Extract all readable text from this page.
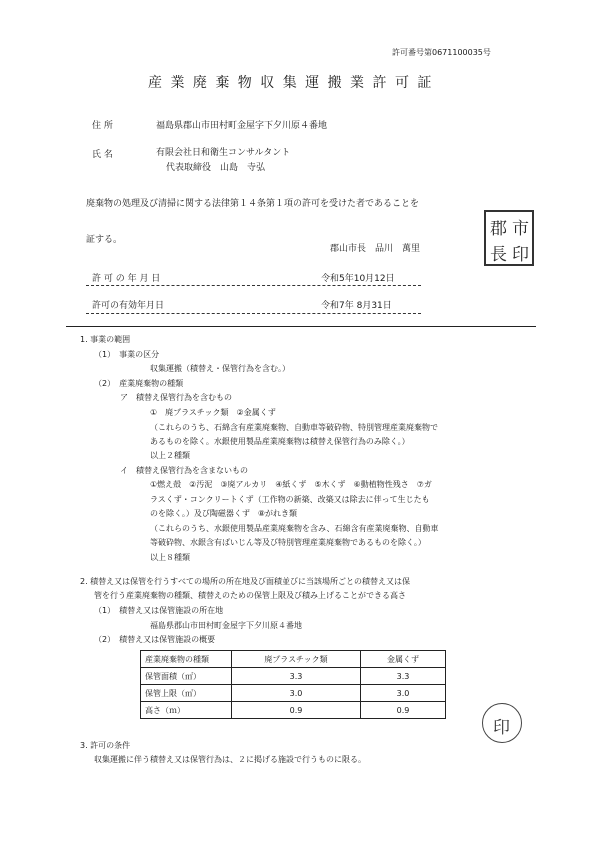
許可番号第0671100035号
産 業 廃 棄 物 収 集 運 搬 業 許 可 証
住 所	福島県郡山市田村町金屋字下夕川原４番地
氏 名	有限会社日和衛生コンサルタント
代表取締役　山島　寺弘
廃棄物の処理及び清掃に関する法律第１４条第１項の許可を受けた者であることを
証する。
郡山市長　品川　萬里
郡 市
長 印
許 可 の 年 月 日	令和5年10月12日
許可の有効年月日	令和7年 8月31日
1. 事業の範囲
（1）　事業の区分
収集運搬（積替え・保管行為を含む。）
（2）　産業廃棄物の種類
ア　積替え保管行為を含むもの
①　廃プラスチック類　②金属くず
（これらのうち、石綿含有産業廃棄物、自動車等破砕物、特別管理産業廃棄物で
あるものを除く。水銀使用製品産業廃棄物は積替え保管行為のみ除く。）
以上２種類
イ　積替え保管行為を含まないもの
①燃え殻　②汚泥　③廃アルカリ　④紙くず　⑤木くず　⑥動植物性残さ　⑦ガ
ラスくず・コンクリートくず（工作物の新築、改築又は除去に伴って生じたも
のを除く。）及び陶磁器くず　⑧がれき類
（これらのうち、水銀使用製品産業廃棄物を含み、石綿含有産業廃棄物、自動車
等破砕物、水銀含有ばいじん等及び特別管理産業廃棄物であるものを除く。）
以上８種類
2. 積替え又は保管を行うすべての場所の所在地及び面積並びに当該場所ごとの積替え又は保
管を行う産業廃棄物の種類、積替えのための保管上限及び積み上げることができる高さ
（1）　積替え又は保管施設の所在地
福島県郡山市田村町金屋字下夕川原４番地
（2）　積替え又は保管施設の概要
産業廃棄物の種類	廃プラスチック類	金属くず
保管面積（㎡）	3.3	3.3
保管上限（㎥）	3.0	3.0
高さ（ｍ）	0.9	0.9
印
3. 許可の条件
収集運搬に伴う積替え又は保管行為は、２に掲げる施設で行うものに限る。
